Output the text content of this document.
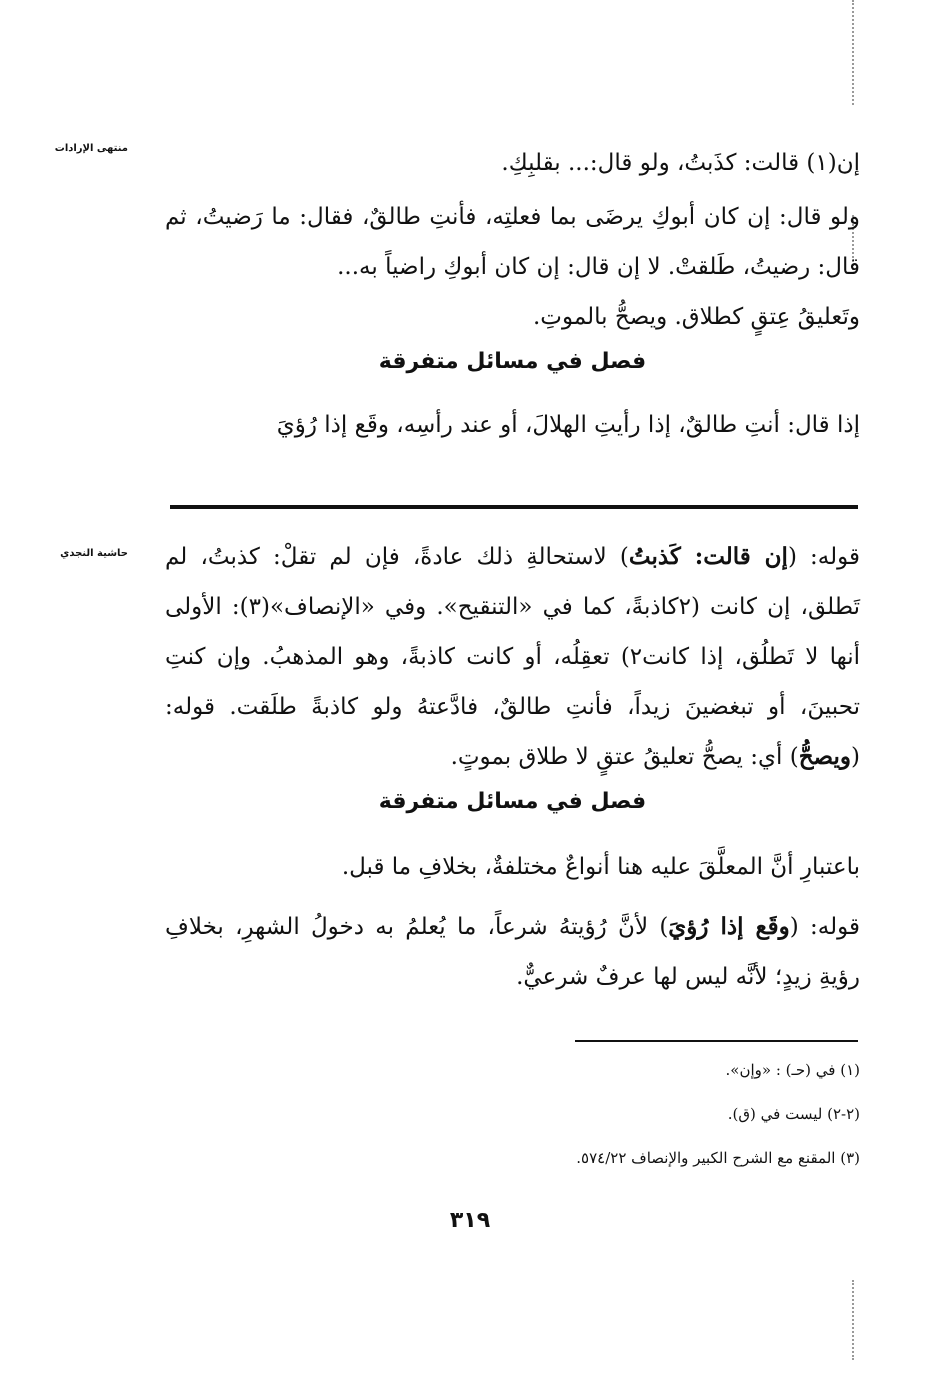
منتهى الإرادات
حاشية النجدي

إن(١) قالت: كذَبتُ، ولو قال:... بقلبِكِ.

ولو قال: إن كان أبوكِ يرضَى بما فعلتِه، فأنتِ طالقٌ، فقال: ما رَضيتُ، ثم قال: رضيتُ، طَلقتْ. لا إن قال: إن كان أبوكِ راضياً به...

وتَعليقُ عِتقٍ كطلاق. ويصحُّ بالموتِ.

فصل في مسائل متفرقة

إذا قال: أنتِ طالقٌ، إذا رأيتِ الهلالَ، أو عند رأسِه، وقَع إذا رُؤيَ

قوله: (إن قالت: كَذبتُ) لاستحالةِ ذلك عادةً، فإن لم تقلْ: كذبتُ، لم تَطلق، إن كانت (٢كاذبةً، كما في «التنقيح». وفي «الإنصاف»(٣): الأولى أنها لا تَطلُق، إذا كانت٢) تعقِلُه، أو كانت كاذبةً، وهو المذهبُ. وإن كنتِ تحبينَ، أو تبغضينَ زيداً، فأنتِ طالقٌ، فادَّعتهُ ولو كاذبةً طلَقت. قوله: (ويصحُّ) أي: يصحُّ تعليقُ عتقٍ لا طلاق بموتٍ.

فصل في مسائل متفرقة

باعتبارِ أنَّ المعلَّقَ عليه هنا أنواعٌ مختلفةٌ، بخلافِ ما قبل.

قوله: (وقَع إذا رُؤيَ) لأنَّ رُؤيتهُ شرعاً، ما يُعلمُ به دخولُ الشهرِ، بخلافِ رؤيةِ زيدٍ؛ لأنَّه ليس لها عرفٌ شرعيٌّ.

(١) في (حـ) : «وإن».

(٢-٢) ليست في (ق).

(٣) المقنع مع الشرح الكبير والإنصاف ٥٧٤/٢٢.

٣١٩
